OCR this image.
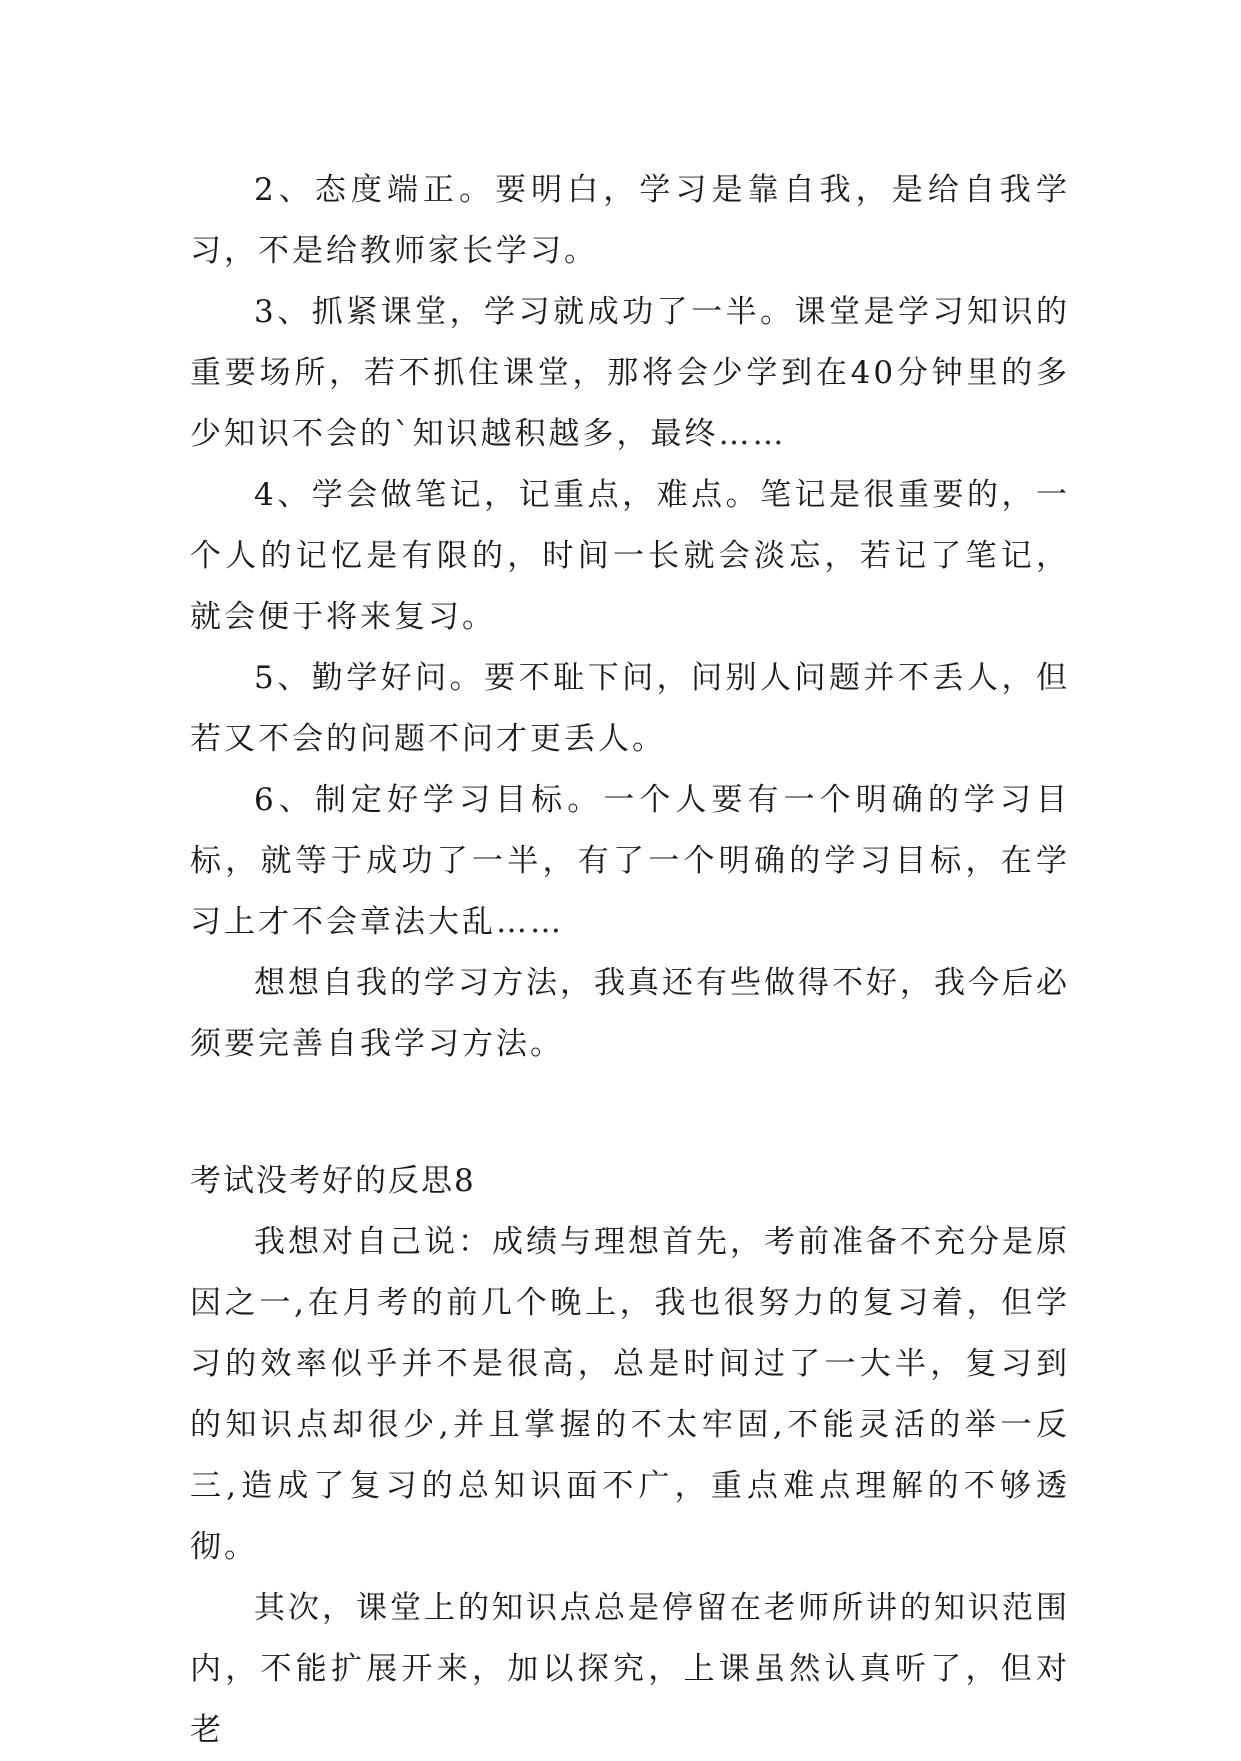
2、态度端正。要明白，学习是靠自我，是给自我学习，不是给教师家长学习。

3、抓紧课堂，学习就成功了一半。课堂是学习知识的重要场所，若不抓住课堂，那将会少学到在40分钟里的多少知识不会的`知识越积越多，最终……

4、学会做笔记，记重点，难点。笔记是很重要的，一个人的记忆是有限的，时间一长就会淡忘，若记了笔记，就会便于将来复习。

5、勤学好问。要不耻下问，问别人问题并不丢人，但若又不会的问题不问才更丢人。

6、制定好学习目标。一个人要有一个明确的学习目标，就等于成功了一半，有了一个明确的学习目标，在学习上才不会章法大乱……

想想自我的学习方法，我真还有些做得不好，我今后必须要完善自我学习方法。

考试没考好的反思8

我想对自己说：成绩与理想首先，考前准备不充分是原因之一,在月考的前几个晚上，我也很努力的复习着，但学习的效率似乎并不是很高，总是时间过了一大半，复习到的知识点却很少,并且掌握的不太牢固,不能灵活的举一反三,造成了复习的总知识面不广，重点难点理解的不够透彻。

其次，课堂上的知识点总是停留在老师所讲的知识范围内，不能扩展开来，加以探究，上课虽然认真听了，但对老
